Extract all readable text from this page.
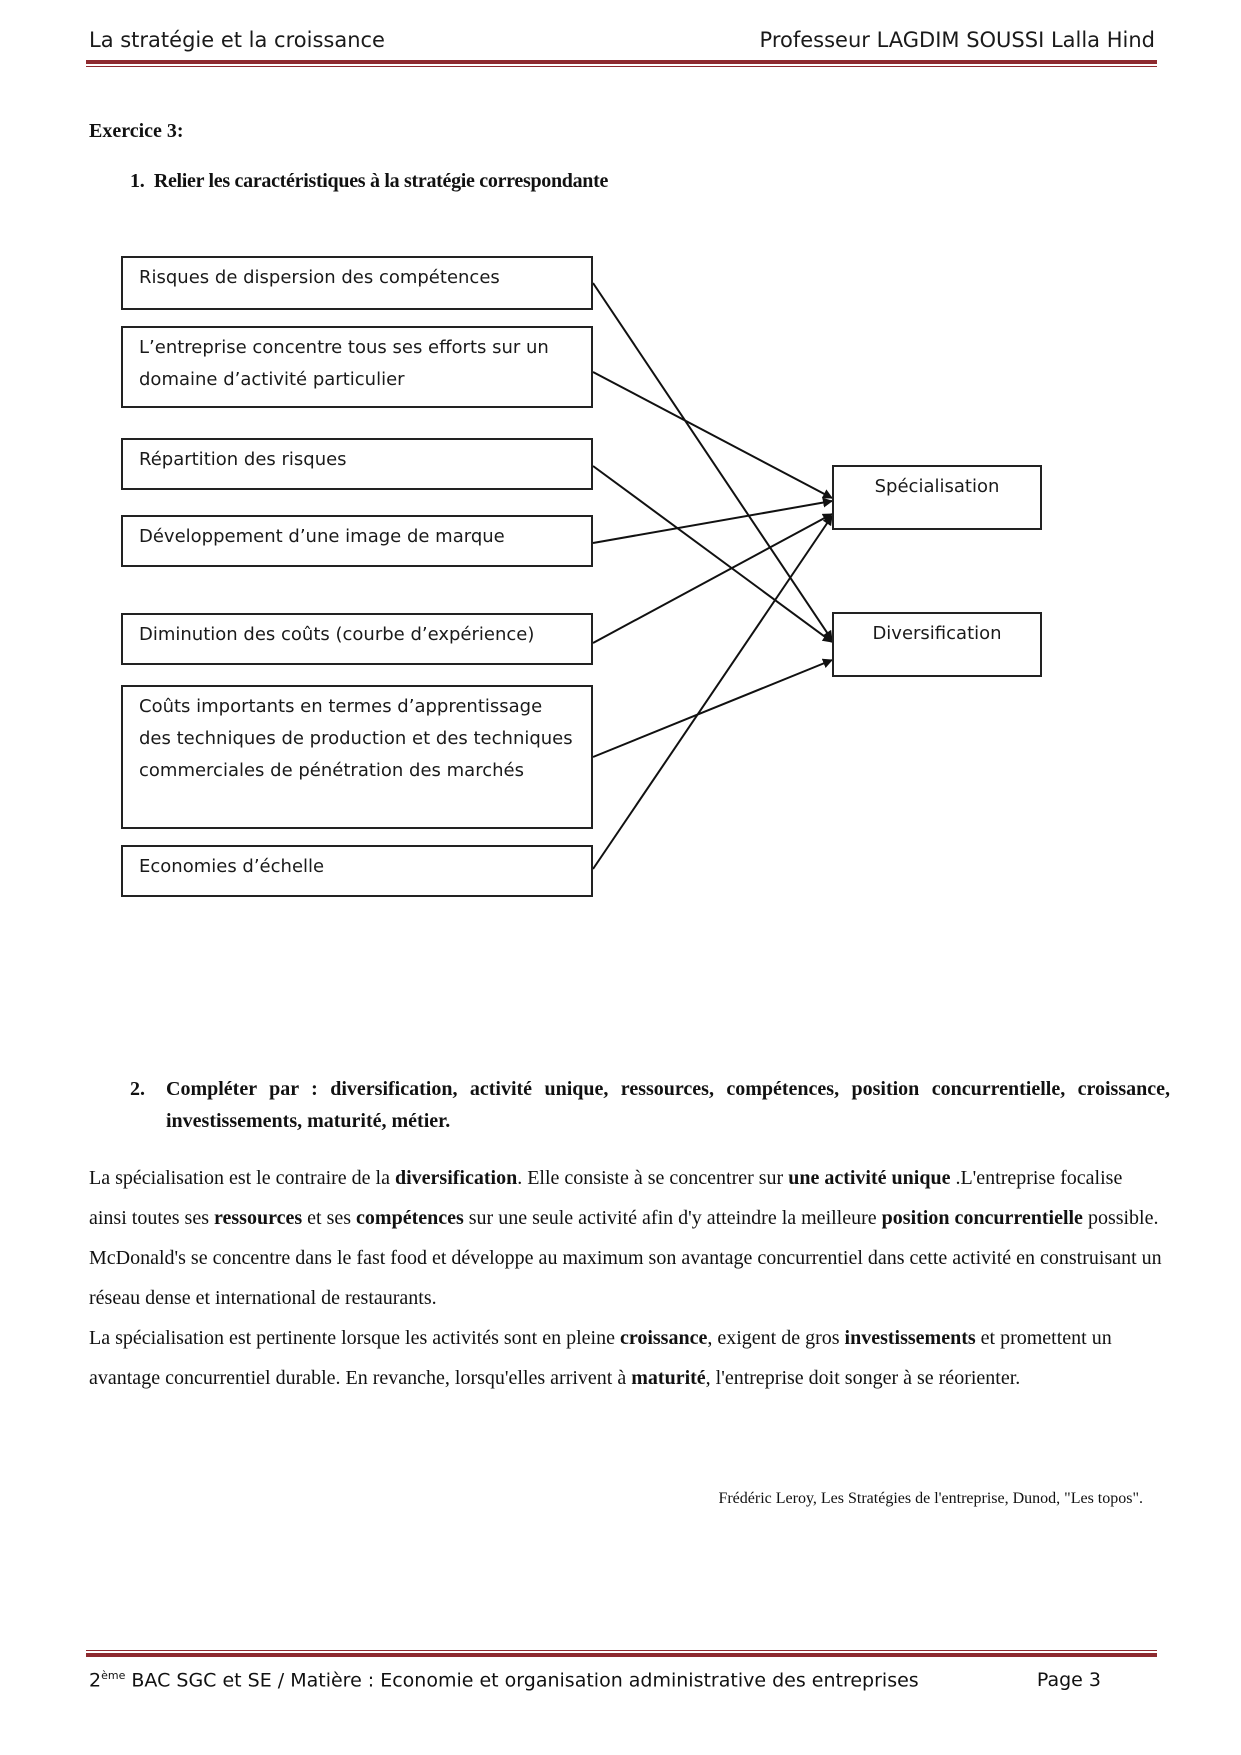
La stratégie et la croissance	Professeur LAGDIM SOUSSI Lalla Hind
Exercice 3:
1. Relier les caractéristiques à la stratégie correspondante
Risques de dispersion des compétences
L’entreprise concentre tous ses efforts sur un domaine d’activité particulier
Répartition des risques
Développement d’une image de marque
Diminution des coûts (courbe d’expérience)
Coûts importants en termes d’apprentissage des techniques de production et des techniques commerciales de pénétration des marchés
Economies d’échelle
Spécialisation
Diversification
2.	Compléter par : diversification, activité unique, ressources, compétences, position concurrentielle, croissance, investissements, maturité, métier.
La spécialisation est le contraire de la diversification. Elle consiste à se concentrer sur une activité unique .L'entreprise focalise ainsi toutes ses ressources et ses compétences sur une seule activité afin d'y atteindre la meilleure position concurrentielle possible.
McDonald's se concentre dans le fast food et développe au maximum son avantage concurrentiel dans cette activité en construisant un réseau dense et international de restaurants.
La spécialisation est pertinente lorsque les activités sont en pleine croissance, exigent de gros investissements et promettent un avantage concurrentiel durable. En revanche, lorsqu'elles arrivent à maturité, l'entreprise doit songer à se réorienter.
Frédéric Leroy, Les Stratégies de l'entreprise, Dunod, "Les topos".
2ème BAC SGC et SE / Matière : Economie et organisation administrative des entreprises	Page 3
